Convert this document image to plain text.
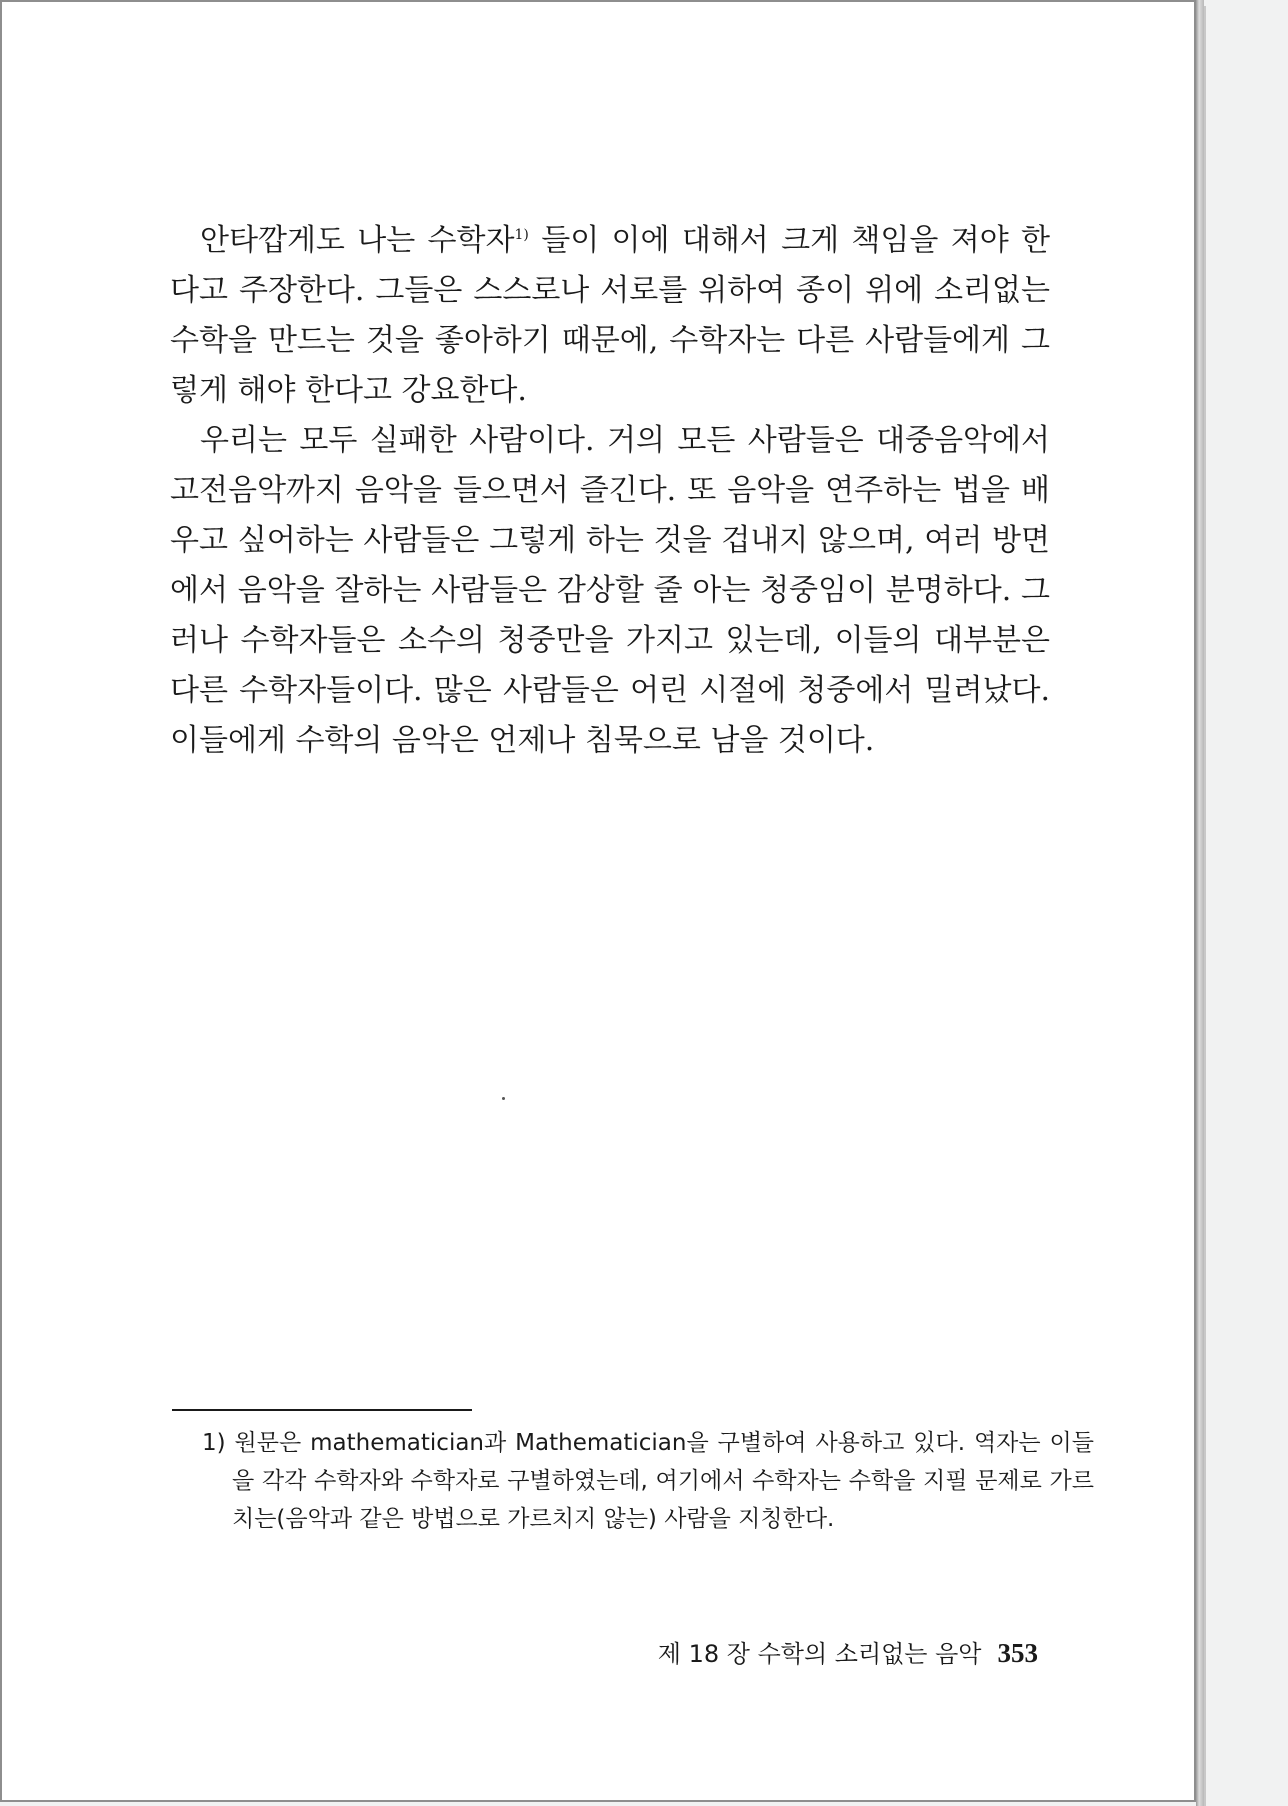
안타깝게도 나는 수학자$^{1)}$ 들이 이에 대해서 크게 책임을 져야 한다고 주장한다. 그들은 스스로나 서로를 위하여 종이 위에 소리없는 수학을 만드는 것을 좋아하기 때문에, 수학자는 다른 사람들에게 그렇게 해야 한다고 강요한다.

우리는 모두 실패한 사람이다. 거의 모든 사람들은 대중음악에서 고전음악까지 음악을 들으면서 즐긴다. 또 음악을 연주하는 법을 배우고 싶어하는 사람들은 그렇게 하는 것을 겁내지 않으며, 여러 방면에서 음악을 잘하는 사람들은 감상할 줄 아는 청중임이 분명하다. 그러나 수학자들은 소수의 청중만을 가지고 있는데, 이들의 대부분은 다른 수학자들이다. 많은 사람들은 어린 시절에 청중에서 밀려났다. 이들에게 수학의 음악은 언제나 침묵으로 남을 것이다.

1) 원문은 mathematician과 Mathematician을 구별하여 사용하고 있다. 역자는 이들을 각각 수학자와 수학자로 구별하였는데, 여기에서 수학자는 수학을 지필 문제로 가르치는(음악과 같은 방법으로 가르치지 않는) 사람을 지칭한다.

제 18 장 수학의 소리없는 음악 353
